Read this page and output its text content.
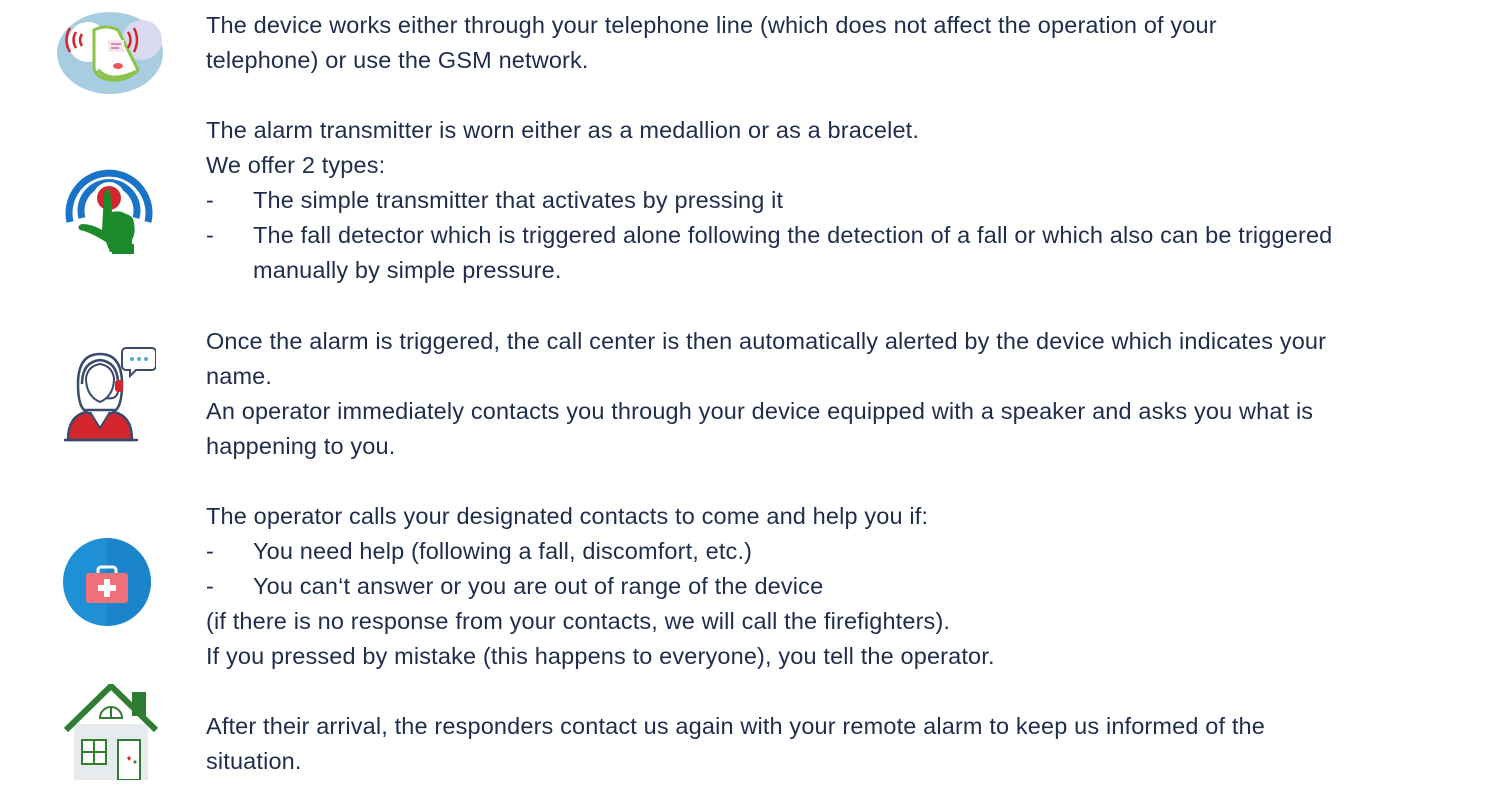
The device works either through your telephone line (which does not affect the operation of your
telephone) or use the GSM network.
The alarm transmitter is worn either as a medallion or as a bracelet.
We offer 2 types:
- The simple transmitter that activates by pressing it
- The fall detector which is triggered alone following the detection of a fall or which also can be triggered
manually by simple pressure.
Once the alarm is triggered, the call center is then automatically alerted by the device which indicates your
name.
An operator immediately contacts you through your device equipped with a speaker and asks you what is
happening to you.
The operator calls your designated contacts to come and help you if:
- You need help (following a fall, discomfort, etc.)
- You can‘t answer or you are out of range of the device
(if there is no response from your contacts, we will call the firefighters).
If you pressed by mistake (this happens to everyone), you tell the operator.
After their arrival, the responders contact us again with your remote alarm to keep us informed of the
situation.
